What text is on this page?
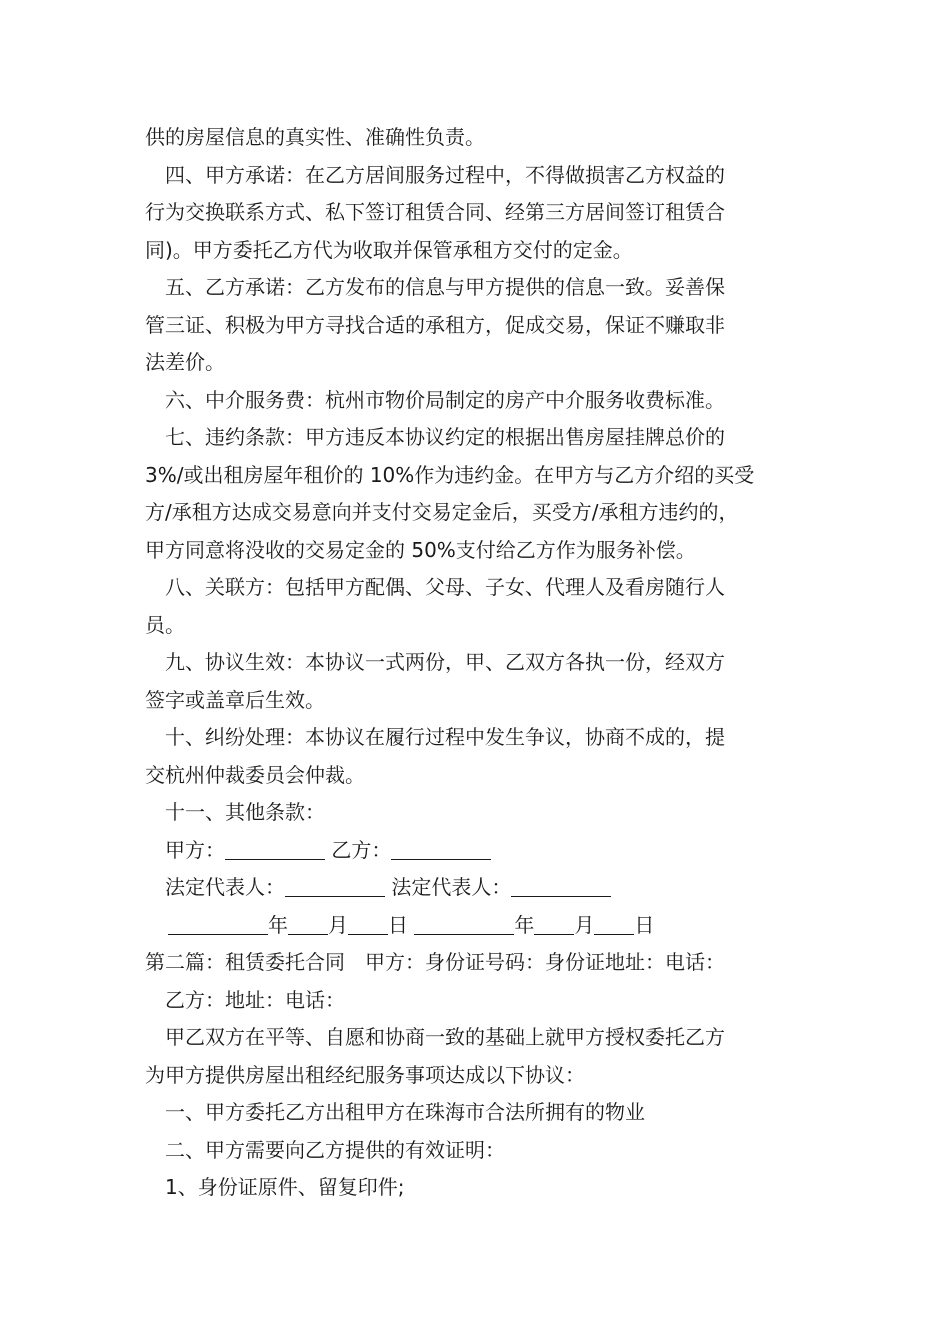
供的房屋信息的真实性、准确性负责。
四、甲方承诺：在乙方居间服务过程中，不得做损害乙方权益的
行为交换联系方式、私下签订租赁合同、经第三方居间签订租赁合
同)。甲方委托乙方代为收取并保管承租方交付的定金。
五、乙方承诺：乙方发布的信息与甲方提供的信息一致。妥善保
管三证、积极为甲方寻找合适的承租方，促成交易，保证不赚取非
法差价。
六、中介服务费：杭州市物价局制定的房产中介服务收费标准。
七、违约条款：甲方违反本协议约定的根据出售房屋挂牌总价的
3%/或出租房屋年租价的 10%作为违约金。在甲方与乙方介绍的买受
方/承租方达成交易意向并支付交易定金后，买受方/承租方违约的，
甲方同意将没收的交易定金的 50%支付给乙方作为服务补偿。
八、关联方：包括甲方配偶、父母、子女、代理人及看房随行人
员。
九、协议生效：本协议一式两份，甲、乙双方各执一份，经双方
签字或盖章后生效。
十、纠纷处理：本协议在履行过程中发生争议，协商不成的，提
交杭州仲裁委员会仲裁。
十一、其他条款：
甲方：	乙方：
法定代表人：	法定代表人：
年 月 日	年 月 日
第二篇：租赁委托合同　甲方：身份证号码：身份证地址：电话：
乙方：地址：电话：
甲乙双方在平等、自愿和协商一致的基础上就甲方授权委托乙方
为甲方提供房屋出租经纪服务事项达成以下协议：
一、甲方委托乙方出租甲方在珠海市合法所拥有的物业
二、甲方需要向乙方提供的有效证明：
1、身份证原件、留复印件;
